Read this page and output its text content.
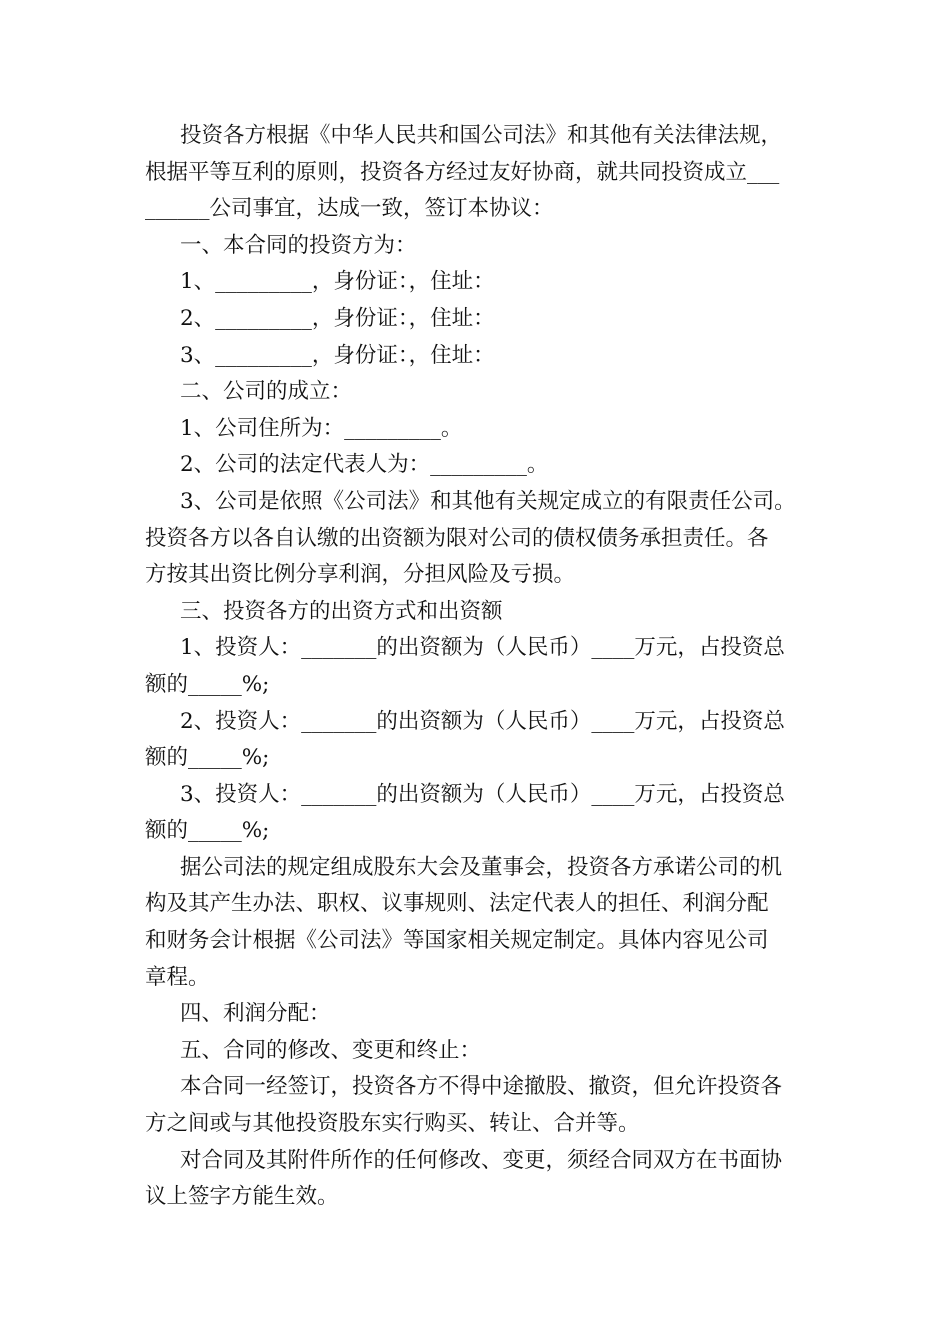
投资各方根据《中华人民共和国公司法》和其他有关法律法规，
根据平等互利的原则，投资各方经过友好协商，就共同投资成立___
______公司事宜，达成一致，签订本协议：
一、本合同的投资方为：
1、_________，身份证：，住址：
2、_________，身份证：，住址：
3、_________，身份证：，住址：
二、公司的成立：
1、公司住所为：_________。
2、公司的法定代表人为：_________。
3、公司是依照《公司法》和其他有关规定成立的有限责任公司。
投资各方以各自认缴的出资额为限对公司的债权债务承担责任。各
方按其出资比例分享利润，分担风险及亏损。
三、投资各方的出资方式和出资额
1、投资人：_______的出资额为（人民币）____万元，占投资总
额的_____%;
2、投资人：_______的出资额为（人民币）____万元，占投资总
额的_____%;
3、投资人：_______的出资额为（人民币）____万元，占投资总
额的_____%;
据公司法的规定组成股东大会及董事会，投资各方承诺公司的机
构及其产生办法、职权、议事规则、法定代表人的担任、利润分配
和财务会计根据《公司法》等国家相关规定制定。具体内容见公司
章程。
四、利润分配：
五、合同的修改、变更和终止：
本合同一经签订，投资各方不得中途撤股、撤资，但允许投资各
方之间或与其他投资股东实行购买、转让、合并等。
对合同及其附件所作的任何修改、变更，须经合同双方在书面协
议上签字方能生效。
